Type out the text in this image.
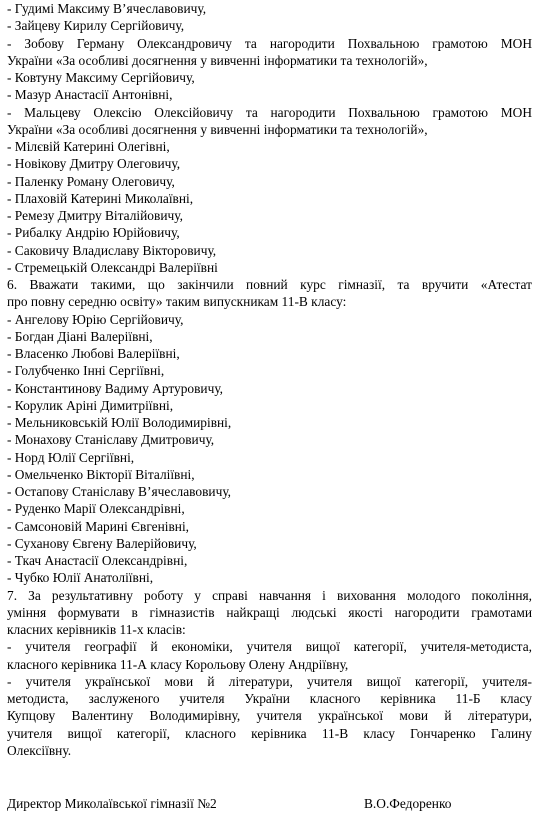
- Гудимі Максиму В’ячеславовичу,
- Зайцеву Кирилу Сергійовичу,
- Зобову Герману Олександровичу та нагородити Похвальною грамотою МОН
України «За особливі досягнення у вивченні інформатики та технологій»,
- Ковтуну Максиму Сергійовичу,
- Мазур Анастасії Антонівні,
- Мальцеву Олексію Олексійовичу та нагородити Похвальною грамотою МОН
України «За особливі досягнення у вивченні інформатики та технологій»,
- Мілєвій Катерині Олегівні,
- Новікову Дмитру Олеговичу,
- Паленку Роману Олеговичу,
- Плаховій Катерині Миколаївні,
- Ремезу Дмитру Віталійовичу,
- Рибалку Андрію Юрійовичу,
- Саковичу Владиславу Вікторовичу,
- Стремецькій Олександрі Валеріївні
6. Вважати такими, що закінчили повний курс гімназії, та вручити «Атестат
про повну середню освіту» таким випускникам 11-В класу:
- Ангелову Юрію Сергійовичу,
- Богдан Діані Валеріївні,
- Власенко Любові Валеріївні,
- Голубченко Інні Сергіївні,
- Константинову Вадиму Артуровичу,
- Корулик Аріні Димитріївні,
- Мельниковській Юлії Володимирівні,
- Монахову Станіславу Дмитровичу,
- Норд Юлії Сергіївні,
- Омельченко Вікторії Віталіївні,
- Остапову Станіславу В’ячеславовичу,
- Руденко Марії Олександрівні,
- Самсоновій Марині Євгенівні,
- Суханову Євгену Валерійовичу,
- Ткач Анастасії Олександрівні,
- Чубко Юлії Анатоліївні,
7. За результативну роботу у справі навчання і виховання молодого покоління,
уміння формувати в гімназистів найкращі людські якості нагородити грамотами
класних керівників 11-х класів:
- учителя географії й економіки, учителя вищої категорії, учителя-методиста,
класного керівника 11-А класу Корольову Олену Андріївну,
- учителя української мови й літератури, учителя вищої категорії, учителя-
методиста, заслуженого учителя України класного керівника 11-Б класу
Купцову Валентину Володимирівну, учителя української мови й літератури,
учителя вищої категорії, класного керівника 11-В класу Гончаренко Галину
Олексіївну.
Директор Миколаївської гімназії №2	В.О.Федоренко
